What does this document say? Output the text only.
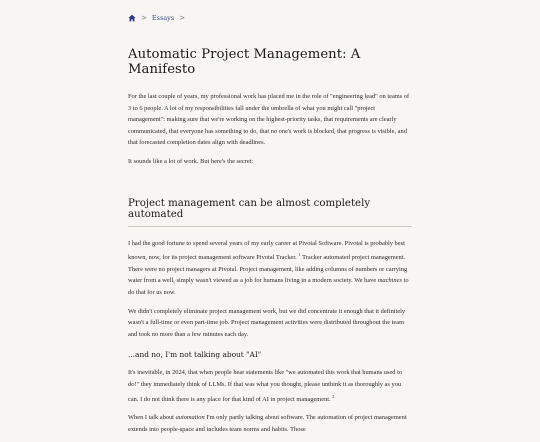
> Essays >
Automatic Project Management: A Manifesto

For the last couple of years, my professional work has placed me in the role of "engineering lead" on teams of 3 to 6 people. A lot of my responsibilities fall under the umbrella of what you might call "project management": making sure that we're working on the highest-priority tasks, that requirements are clearly communicated, that everyone has something to do, that no one's work is blocked, that progress is visible, and that forecasted completion dates align with deadlines.

It sounds like a lot of work. But here's the secret:

Project management can be almost completely automated

I had the good fortune to spend several years of my early career at Pivotal Software. Pivotal is probably best known, now, for its project management software Pivotal Tracker. $^1$ Tracker automated project management. There were no project managers at Pivotal. Project management, like adding columns of numbers or carrying water from a well, simply wasn't viewed as a job for humans living in a modern society. We have machines to do that for us now.

We didn't completely eliminate project management work, but we did concentrate it enough that it definitely wasn't a full-time or even part-time job. Project management activities were distributed throughout the team and took no more than a few minutes each day.

...and no, I'm not talking about "AI"

It's inevitable, in 2024, that when people hear statements like "we automated this work that humans used to do!" they immediately think of LLMs. If that was what you thought, please unthink it as thoroughly as you can. I do not think there is any place for that kind of AI in project management. $^2$

When I talk about automation I'm only partly talking about software. The automation of project management extends into people-space and includes team norms and habits. Those
